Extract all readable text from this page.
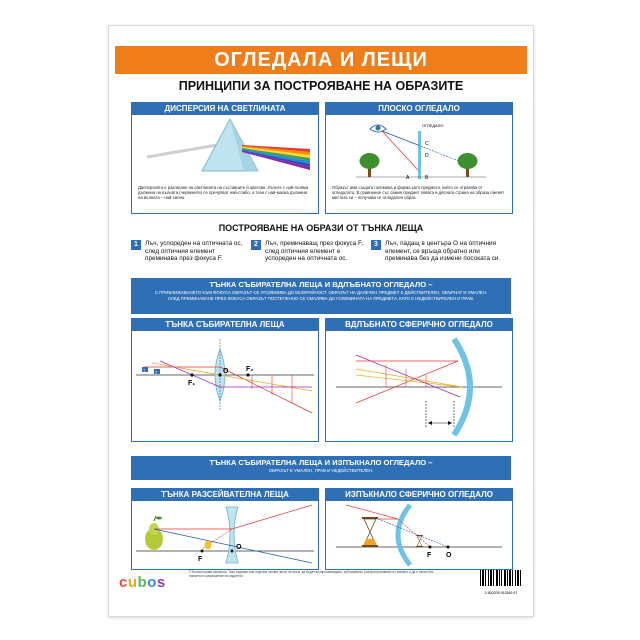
ОГЛЕДАЛА И ЛЕЩИ
ПРИНЦИПИ ЗА ПОСТРОЯВАНЕ НА ОБРАЗИТЕ
ДИСПЕРСИЯ НА СВЕТЛИНАТА
Дисперсията е разлагане на светлината на съставните ѝ цветове. Лъчите с най-голяма дължина на вълната (червените) се пречупват най-слабо, а тези с най-малка дължина на вълната – най-силно.
ПЛОСКО ОГЛЕДАЛО
ОГЛЕДАЛО
A	B
C
D
Образът има същата големина и форма като предмета, който се отразява от огледалото. В сравнение със самия предмет лявата и дясната страна на образа сменят местата си – получава се огледален образ.
ПОСТРОЯВАНЕ НА ОБРАЗИ ОТ ТЪНКА ЛЕЩА
1	Лъч, успореден на оптичната ос, след оптичния елемент преминава през фокуса F.
2	Лъч, преминаващ през фокуса F, след оптичния елемент е успореден на оптичната ос.
3	Лъч, падащ в центъра O на оптичния елемент, се връща обратно или преминава без да измени посоката си.
ТЪНКА СЪБИРАТЕЛНА ЛЕЩА И ВДЛЪБНАТО ОГЛЕДАЛО –
С ПРИБЛИЖАВАНЕТО КЪМ ФОКУСА ОБРАЗЪТ СЕ УГОЛЕМИВА ДО БЕЗКРАЙНОСТ. ОБРАЗЪТ НА ДАЛЕЧЕН ПРЕДМЕТ Е ДЕЙСТВИТЕЛЕН, ОБЪРНАТ И УМАЛЕН.
СЛЕД ПРЕМИНАВАНЕ ПРЕЗ ФОКУСА ОБРАЗЪТ ПОСТЕПЕННО СЕ СМАЛЯВА ДО ГОЛЕМИНАТА НА ПРЕДМЕТА, КАТО Е НЕДЕЙСТВИТЕЛЕН И ПРАВ.
ТЪНКА СЪБИРАТЕЛНА ЛЕЩА
F₁
O	F₂
1 2
ВДЛЪБНАТО СФЕРИЧНО ОГЛЕДАЛО
ТЪНКА СЪБИРАТЕЛНА ЛЕЩА И ИЗПЪКНАЛО ОГЛЕДАЛО –
ОБРАЗЪТ Е УМАЛЕН, ПРАВ И НЕДЕЙСТВИТЕЛЕН.
ТЪНКА РАЗСЕЙВАТЕЛНА ЛЕЩА
F
O
ИЗПЪКНАЛО СФЕРИЧНО ОГЛЕДАЛО
F O
cubos
© Всички права запазени. Тази издание или отделни негови части не могат да бъдат възпроизвеждани, публикувани, разпространявани по какъвто и да е начин без писменото разрешение на издателя.
3 800205 911559 87
